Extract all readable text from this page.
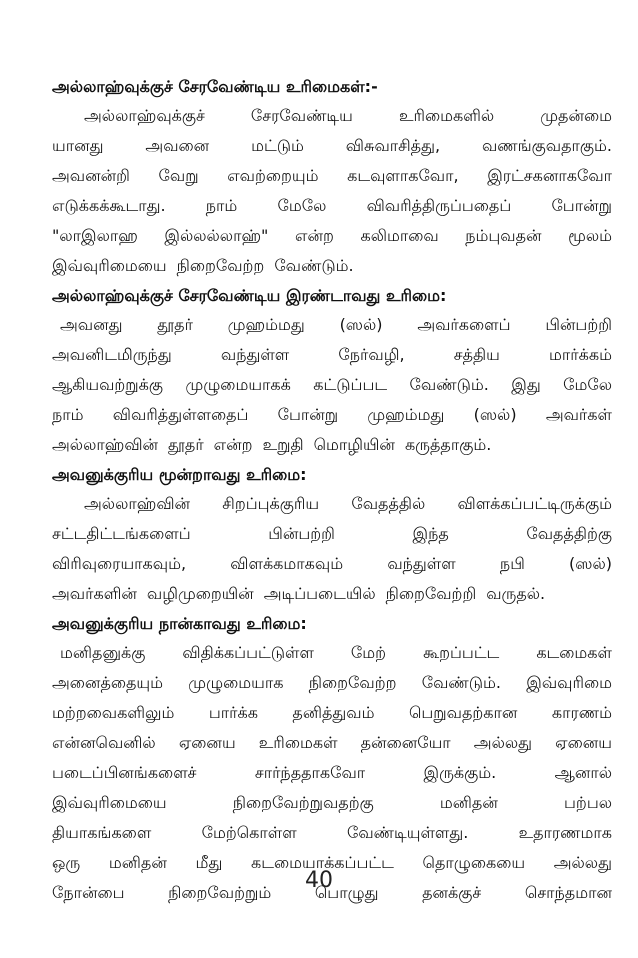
அல்லாஹ்வுக்குச் சேரவேண்டிய உரிமைகள்:-
அல்லாஹ்வுக்குச்	சேரவேண்டிய	உரிமைகளில்	முதன்மை
யானது	அவனை	மட்டும்	விசுவாசித்து,	வணங்குவதாகும்.
அவனன்றி வேறு எவற்றையும் கடவுளாகவோ, இரட்சகனாகவோ
எடுக்கக்கூடாது.	நாம்	மேலே	விவரித்திருப்பதைப்	போன்று
"லாஇலாஹ இல்லல்லாஹ்" என்ற கலிமாவை நம்புவதன் மூலம்
இவ்வுரிமையை நிறைவேற்ற வேண்டும்.
அல்லாஹ்வுக்குச் சேரவேண்டிய இரண்டாவது உரிமை:
அவனது தூதர் முஹம்மது (ஸல்) அவர்களைப் பின்பற்றி
அவனிடமிருந்து	வந்துள்ள	நேர்வழி,	சத்திய	மார்க்கம்
ஆகியவற்றுக்கு முழுமையாகக் கட்டுப்பட வேண்டும். இது மேலே
நாம் விவரித்துள்ளதைப் போன்று முஹம்மது (ஸல்) அவர்கள்
அல்லாஹ்வின் தூதர் என்ற உறுதி மொழியின் கருத்தாகும்.
அவனுக்குரிய மூன்றாவது உரிமை:
அல்லாஹ்வின் சிறப்புக்குரிய வேதத்தில் விளக்கப்பட்டிருக்கும்
சட்டதிட்டங்களைப்	பின்பற்றி	இந்த	வேதத்திற்கு
விரிவுரையாகவும்,	விளக்கமாகவும்	வந்துள்ள	நபி	(ஸல்)
அவர்களின் வழிமுறையின் அடிப்படையில் நிறைவேற்றி வருதல்.
அவனுக்குரிய நான்காவது உரிமை:
மனிதனுக்கு விதிக்கப்பட்டுள்ள மேற் கூறப்பட்ட கடமைகள்
அனைத்தையும் முழுமையாக நிறைவேற்ற வேண்டும். இவ்வுரிமை
மற்றவைகளிலும் பார்க்க தனித்துவம் பெறுவதற்கான காரணம்
என்னவெனில் ஏனைய உரிமைகள் தன்னையோ அல்லது ஏனைய
படைப்பினங்களைச்	சார்ந்ததாகவோ	இருக்கும்.	ஆனால்
இவ்வுரிமையை	நிறைவேற்றுவதற்கு	மனிதன்	பற்பல
தியாகங்களை	மேற்கொள்ள	வேண்டியுள்ளது.	உதாரணமாக
ஒரு மனிதன் மீது கடமையாக்கப்பட்ட தொழுகையை அல்லது
நோன்பை	நிறைவேற்றும்	பொழுது	தனக்குச்	சொந்தமான
40
